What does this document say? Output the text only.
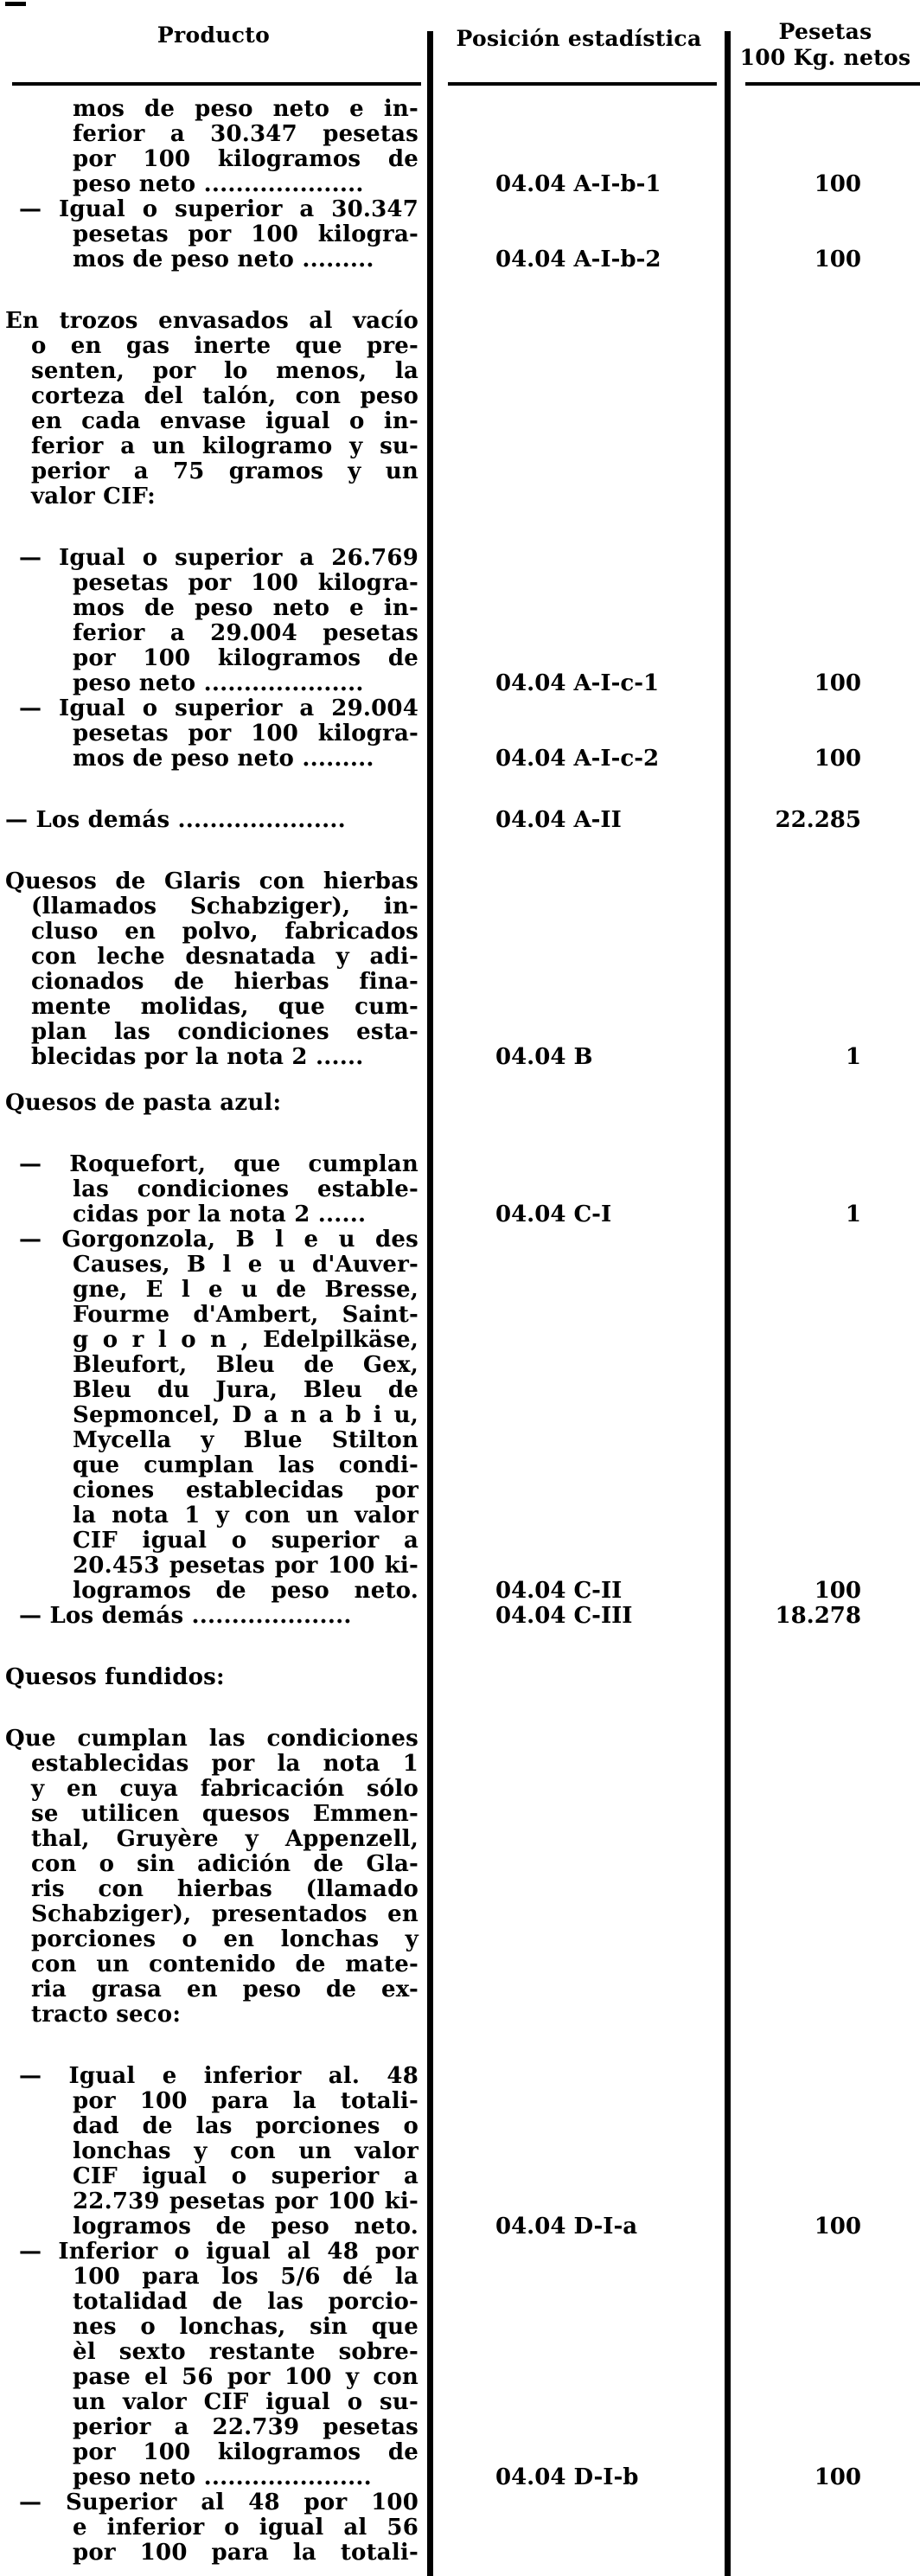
Producto	Posición estadística	Pesetas
100 Kg. netos
mos de peso neto e in-
ferior a 30.347 pesetas
por 100 kilogramos de
peso neto ....................	04.04 A-I-b-1	100
— Igual o superior a 30.347
pesetas por 100 kilogra-
mos de peso neto .........	04.04 A-I-b-2	100
En trozos envasados al vacío
o en gas inerte que pre-
senten, por lo menos, la
corteza del talón, con peso
en cada envase igual o in-
ferior a un kilogramo y su-
perior a 75 gramos y un
valor CIF:
— Igual o superior a 26.769
pesetas por 100 kilogra-
mos de peso neto e in-
ferior a 29.004 pesetas
por 100 kilogramos de
peso neto ....................	04.04 A-I-c-1	100
— Igual o superior a 29.004
pesetas por 100 kilogra-
mos de peso neto .........	04.04 A-I-c-2	100
— Los demás .....................	04.04 A-II	22.285
Quesos de Glaris con hierbas
(llamados Schabziger), in-
cluso en polvo, fabricados
con leche desnatada y adi-
cionados de hierbas fina-
mente molidas, que cum-
plan las condiciones esta-
blecidas por la nota 2 ......	04.04 B	1
Quesos de pasta azul:
— Roquefort, que cumplan
las condiciones estable-
cidas por la nota 2 ......	04.04 C-I	1
— Gorgonzola, B l e u des
Causes, B l e u d'Auver-
gne, E l e u de Bresse,
Fourme d'Ambert, Saint-
g o r l o n , Edelpilkäse,
Bleufort, Bleu de Gex,
Bleu du Jura, Bleu de
Sepmoncel, D a n a b i u,
Mycella y Blue Stilton
que cumplan las condi-
ciones establecidas por
la nota 1 y con un valor
CIF igual o superior a
20.453 pesetas por 100 ki-
logramos de peso neto.	04.04 C-II	100
— Los demás ....................	04.04 C-III	18.278
Quesos fundidos:
Que cumplan las condiciones
establecidas por la nota 1
y en cuya fabricación sólo
se utilicen quesos Emmen-
thal, Gruyère y Appenzell,
con o sin adición de Gla-
ris con hierbas (llamado
Schabziger), presentados en
porciones o en lonchas y
con un contenido de mate-
ria grasa en peso de ex-
tracto seco:
— Igual e inferior al. 48
por 100 para la totali-
dad de las porciones o
lonchas y con un valor
CIF igual o superior a
22.739 pesetas por 100 ki-
logramos de peso neto.	04.04 D-I-a	100
— Inferior o igual al 48 por
100 para los 5/6 dé la
totalidad de las porcio-
nes o lonchas, sin que
èl sexto restante sobre-
pase el 56 por 100 y con
un valor CIF igual o su-
perior a 22.739 pesetas
por 100 kilogramos de
peso neto .....................	04.04 D-I-b	100
— Superior al 48 por 100
e inferior o igual al 56
por 100 para la totali-
